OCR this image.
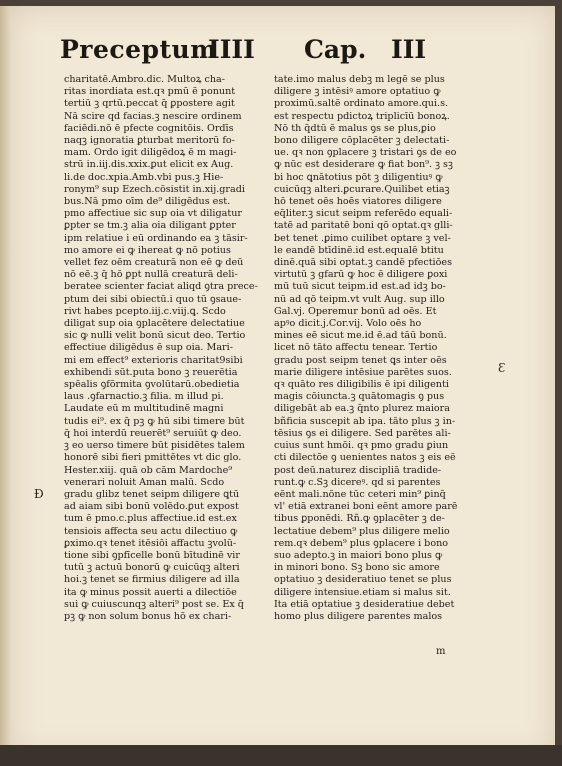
Preceptum
IIII Cap. III
charitatē.Ambro.dic. Multoꝝ cha-
ritas inordiata est.qꝛ pmū ē ponunt
tertiū ꝫ qrtū.peccat q̄ ꝑpostere agit
Nā scire qd facias.ꝫ nescire ordinem
faciēdi.nō ē pfecte cognitōis. Ordīs
naqꝫ ignoratia ꝑturbat meritorū fo-
mam. Ordo igit diligēdoꝝ ē m magi-
strū in.iij.dis.xxix.ꝑut elicit ex Aug.
li.de doc.xpia.Amb.vbi pus.ꝫ Hie-
ronym⁹ sup Ezech.cōsistit in.xij.gradi
bus.Nā pmo oīm de⁹ diligēdus est.
pmo affectiue sic sup oia vt diligatur
ꝑpter se tm.ꝫ alia oia diligant ꝑpter
ipm relatiue i eū ordinando ea ꝫ tāsir-
mo amore ei ꝙ ihereat ꝙ nō potius
vellet fez oēm creaturā non eē ꝙ deū
nō eē.ꝫ q̄ hō ꝑpt nullā creaturā deli-
beratee scienter faciat aliqd ꝯtra prece-
ptum dei sibi obiectū.i quo tū ꝯsaue-
rivt habes pcepto.iij.c.viij.ꝗ. Scdo
diligat sup oia ꝯplacētere delectatiue
sic ꝙ nulli velit bonū sicut deo. Tertio
effectiue diligēdus ē sup oia. Mari-
mi em effect⁹ exterioris charitat9sibi
exhibendi sūt.puta bono ꝫ reuerētia
spēalis ꝯfōrmita ꝯvolūtarū.obedietia
laus .ꝯfarnactio.ꝫ filia. m illud pi.
Laudate eū m multitudinē magni
tudis ei⁹. ex q̄ pꝫ ꝙ hū sibi timere būt
q̄ hoi interdū reuerēt⁹ seruiūt ꝙ deo.
ꝫ eo uerso timere būt pisidētes talem
honorē sibi fieri pmittētes vt dic glo.
Hester.xiij. quā ob cām Mardoche⁹
venerari noluit Aman malū. Scdo
gradu glibz tenet seipm diligere ꝗtū
ad aiam sibi bonū volēdo.ꝑut expost
tum ē pmo.c.plus affectiue.id est.ex
tensiois affecta seu actu dilectiuo ꝙ
ꝑximo.qꝛ tenet itēsiōi affactu ꝫvolū-
tione sibi ꝯpfīcelle bonū bītudinē vir
tutū ꝫ actuū bonorū ꝙ cuicūqꝫ alteri
hoi.ꝫ tenet se firmius diligere ad illa
ita ꝙ minus possit auerti a dilectiōe
sui ꝙ cuiuscunqꝫ alteri⁹ post se. Ex q̄
pꝫ ꝙ non solum bonus hō ex chari-
tate.imo malus debꝫ m legē se plus
diligere ꝫ intēsiꝰ amore optatiuo ꝙ
proximū.saltē ordinato amore.qui.s.
est respectu pdictoꝝ triplicīū bonoꝝ.
Nō th̄ q̄dtū ē malus ꝯs se plus,ꝑio
bono diligere cōplacēter ꝫ delectati-
ue. qꝛ non ꝯplacere ꝫ tristari ꝯs de eo
ꝙ nūc est desiderare ꝙ fiat bon⁹. ꝫ sꝫ
bi hoc ꝗnātotius pōt ꝫ diligentiuꝰ ꝙ
cuicūqꝫ alteri.ꝑcurare.Quilibet etiaꝫ
hō tenet oēs hoēs viatores diligere
eq̄liter.ꝫ sicut seipm referēdo equali-
tatē ad paritatē boni qō optat.qꝛ glli-
bet tenet .ꝑimo cuilibet optare ꝫ vel-
le eandē btīdinē.id est.equalē btitu
dinē.quā sibi optat.ꝫ candē pfectiōes
virtutū ꝫ gfarū ꝙ hoc ē diligere ꝑoxi
mū tuū sicut teipm.id est.ad idꝫ bo-
nū ad qō teipm.vt vult Aug. sup illo
Gal.vj. Operemur bonū ad oēs. Et
apꝰo dicit.j.Cor.vij. Volo oēs ho
mines eē sicut me.id ē.ad tāū bonū.
licet nō tāto affectu tenear. Tertio
gradu post seipm tenet ꝗs inter oēs
marie diligere intēsiue parētes suos.
qꝛ quāto res diligibilis ē ipi diligenti
magis cōiuncta.ꝫ quātomagis ꝯ pus
diligebāt ab ea.ꝫ q̄nto plurez maiora
bñficia suscepit ab ipa. tāto plus ꝫ in-
tēsius ꝯs ei diligere. Sed parētes ali-
cuius sunt hmōi. qꝛ pmo gradu ꝑiun
cti dilectōe ꝯ uenientes natos ꝫ eis eē
post deū.naturez discipliā tradide-
runt.ꝙ c.Sꝫ dicereꝰ. qd si parentes
eēnt mali.nōne tūc ceteri min⁹ ꝑinq̄
vl' etiā extranei boni eēnt amore parē
tibus ꝑponēdi. Rñ.ꝙ ꝯplacēter ꝫ de-
lectatiue debem⁹ plus diligere melio
rem.qꝛ debem⁹ plus ꝯplacere i bono
suo adepto.ꝫ in maiori bono plus ꝙ
in minori bono. Sꝫ bono sic amore
optatiuo ꝫ desideratiuo tenet se plus
diligere intensiue.etiam si malus sit.
Ita etiā optatiue ꝫ desideratiue debet
homo plus diligere parentes malos
Ɖ
Ɛ
m
